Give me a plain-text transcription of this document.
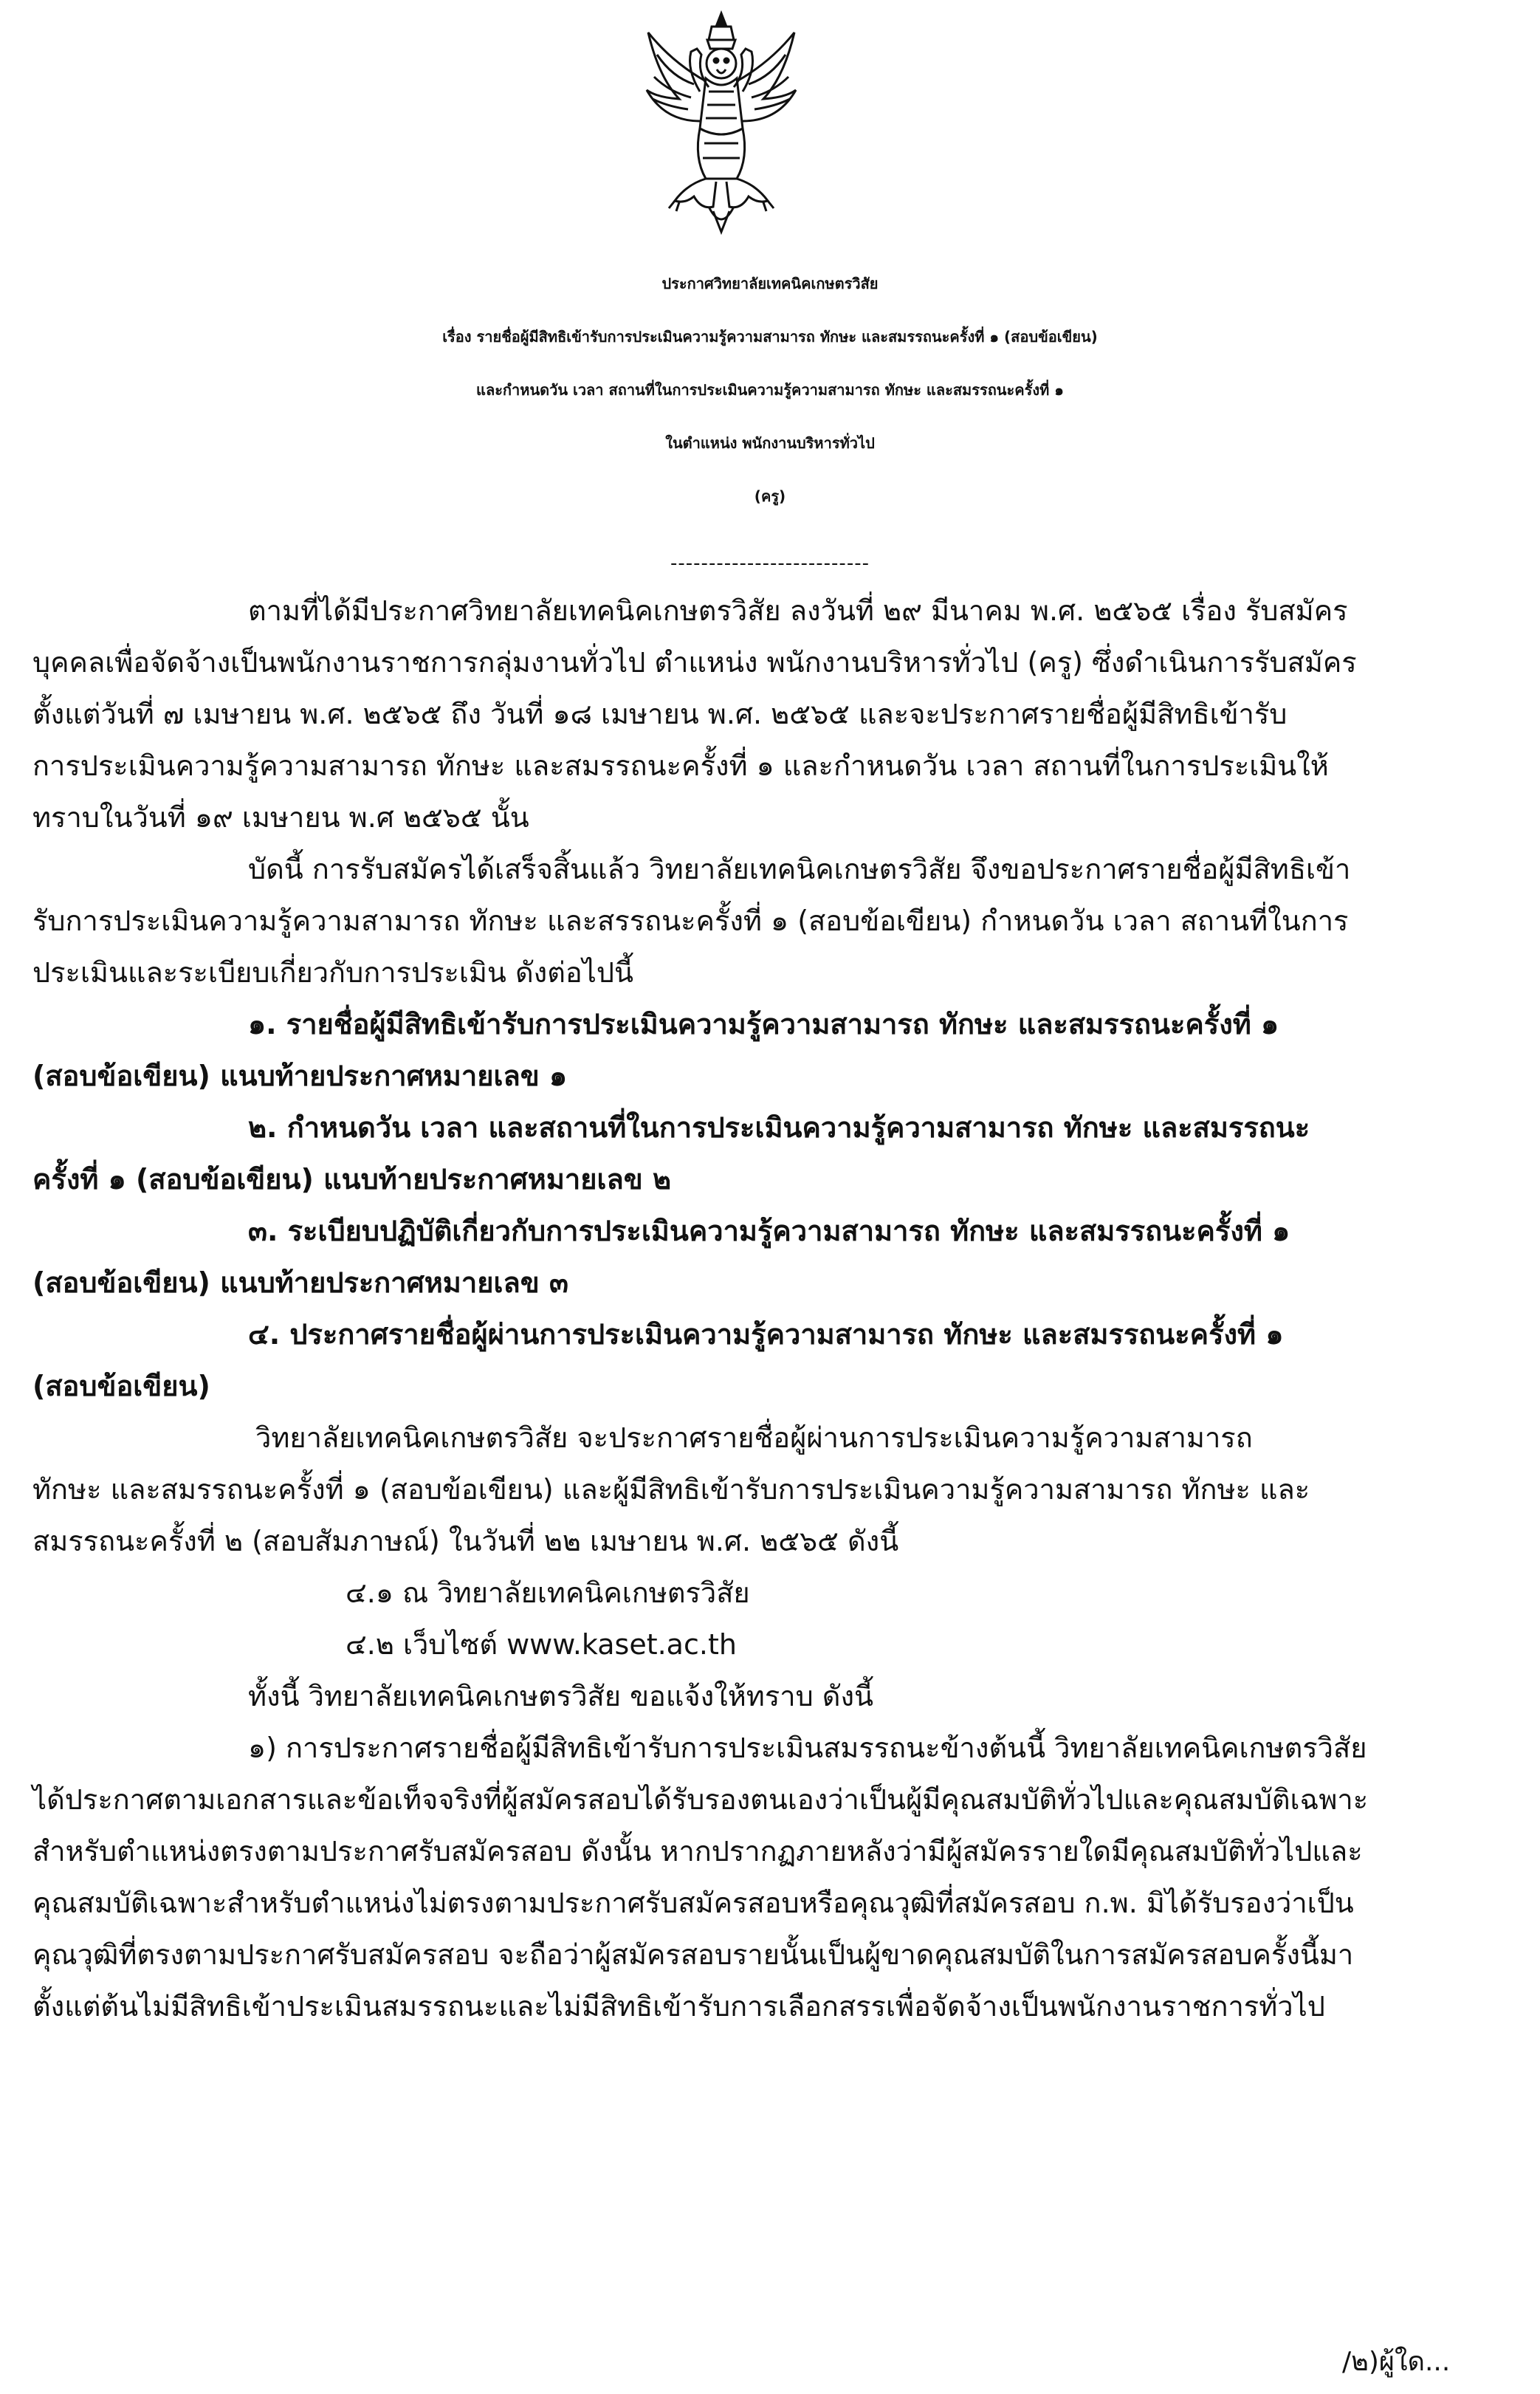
ประกาศวิทยาลัยเทคนิคเกษตรวิสัย
เรื่อง รายชื่อผู้มีสิทธิเข้ารับการประเมินความรู้ความสามารถ ทักษะ และสมรรถนะครั้งที่ ๑ (สอบข้อเขียน)
และกำหนดวัน เวลา สถานที่ในการประเมินความรู้ความสามารถ ทักษะ และสมรรถนะครั้งที่ ๑
ในตำแหน่ง พนักงานบริหารทั่วไป
(ครู)
--------------------------
ตามที่ได้มีประกาศวิทยาลัยเทคนิคเกษตรวิสัย ลงวันที่ ๒๙ มีนาคม พ.ศ. ๒๕๖๕ เรื่อง รับสมัคร
บุคคลเพื่อจัดจ้างเป็นพนักงานราชการกลุ่มงานทั่วไป ตำแหน่ง พนักงานบริหารทั่วไป (ครู) ซึ่งดำเนินการรับสมัคร
ตั้งแต่วันที่ ๗ เมษายน พ.ศ. ๒๕๖๕ ถึง วันที่ ๑๘ เมษายน พ.ศ. ๒๕๖๕ และจะประกาศรายชื่อผู้มีสิทธิเข้ารับ
การประเมินความรู้ความสามารถ ทักษะ และสมรรถนะครั้งที่ ๑ และกำหนดวัน เวลา สถานที่ในการประเมินให้
ทราบในวันที่ ๑๙ เมษายน พ.ศ ๒๕๖๕ นั้น
บัดนี้ การรับสมัครได้เสร็จสิ้นแล้ว วิทยาลัยเทคนิคเกษตรวิสัย จึงขอประกาศรายชื่อผู้มีสิทธิเข้า
รับการประเมินความรู้ความสามารถ ทักษะ และสรรถนะครั้งที่ ๑ (สอบข้อเขียน) กำหนดวัน เวลา สถานที่ในการ
ประเมินและระเบียบเกี่ยวกับการประเมิน ดังต่อไปนี้
๑. รายชื่อผู้มีสิทธิเข้ารับการประเมินความรู้ความสามารถ ทักษะ และสมรรถนะครั้งที่ ๑
(สอบข้อเขียน) แนบท้ายประกาศหมายเลข ๑
๒. กำหนดวัน เวลา และสถานที่ในการประเมินความรู้ความสามารถ ทักษะ และสมรรถนะ
ครั้งที่ ๑ (สอบข้อเขียน) แนบท้ายประกาศหมายเลข ๒
๓. ระเบียบปฏิบัติเกี่ยวกับการประเมินความรู้ความสามารถ ทักษะ และสมรรถนะครั้งที่ ๑
(สอบข้อเขียน) แนบท้ายประกาศหมายเลข ๓
๔. ประกาศรายชื่อผู้ผ่านการประเมินความรู้ความสามารถ ทักษะ และสมรรถนะครั้งที่ ๑
(สอบข้อเขียน)
วิทยาลัยเทคนิคเกษตรวิสัย จะประกาศรายชื่อผู้ผ่านการประเมินความรู้ความสามารถ
ทักษะ และสมรรถนะครั้งที่ ๑ (สอบข้อเขียน) และผู้มีสิทธิเข้ารับการประเมินความรู้ความสามารถ ทักษะ และ
สมรรถนะครั้งที่ ๒ (สอบสัมภาษณ์) ในวันที่ ๒๒ เมษายน พ.ศ. ๒๕๖๕ ดังนี้
๔.๑ ณ วิทยาลัยเทคนิคเกษตรวิสัย
๔.๒ เว็บไซต์ www.kaset.ac.th
ทั้งนี้ วิทยาลัยเทคนิคเกษตรวิสัย ขอแจ้งให้ทราบ ดังนี้
๑) การประกาศรายชื่อผู้มีสิทธิเข้ารับการประเมินสมรรถนะข้างต้นนี้ วิทยาลัยเทคนิคเกษตรวิสัย
ได้ประกาศตามเอกสารและข้อเท็จจริงที่ผู้สมัครสอบได้รับรองตนเองว่าเป็นผู้มีคุณสมบัติทั่วไปและคุณสมบัติเฉพาะ
สำหรับตำแหน่งตรงตามประกาศรับสมัครสอบ ดังนั้น หากปรากฏภายหลังว่ามีผู้สมัครรายใดมีคุณสมบัติทั่วไปและ
คุณสมบัติเฉพาะสำหรับตำแหน่งไม่ตรงตามประกาศรับสมัครสอบหรือคุณวุฒิที่สมัครสอบ ก.พ. มิได้รับรองว่าเป็น
คุณวุฒิที่ตรงตามประกาศรับสมัครสอบ จะถือว่าผู้สมัครสอบรายนั้นเป็นผู้ขาดคุณสมบัติในการสมัครสอบครั้งนี้มา
ตั้งแต่ต้นไม่มีสิทธิเข้าประเมินสมรรถนะและไม่มีสิทธิเข้ารับการเลือกสรรเพื่อจัดจ้างเป็นพนักงานราชการทั่วไป
/๒)ผู้ใด...
